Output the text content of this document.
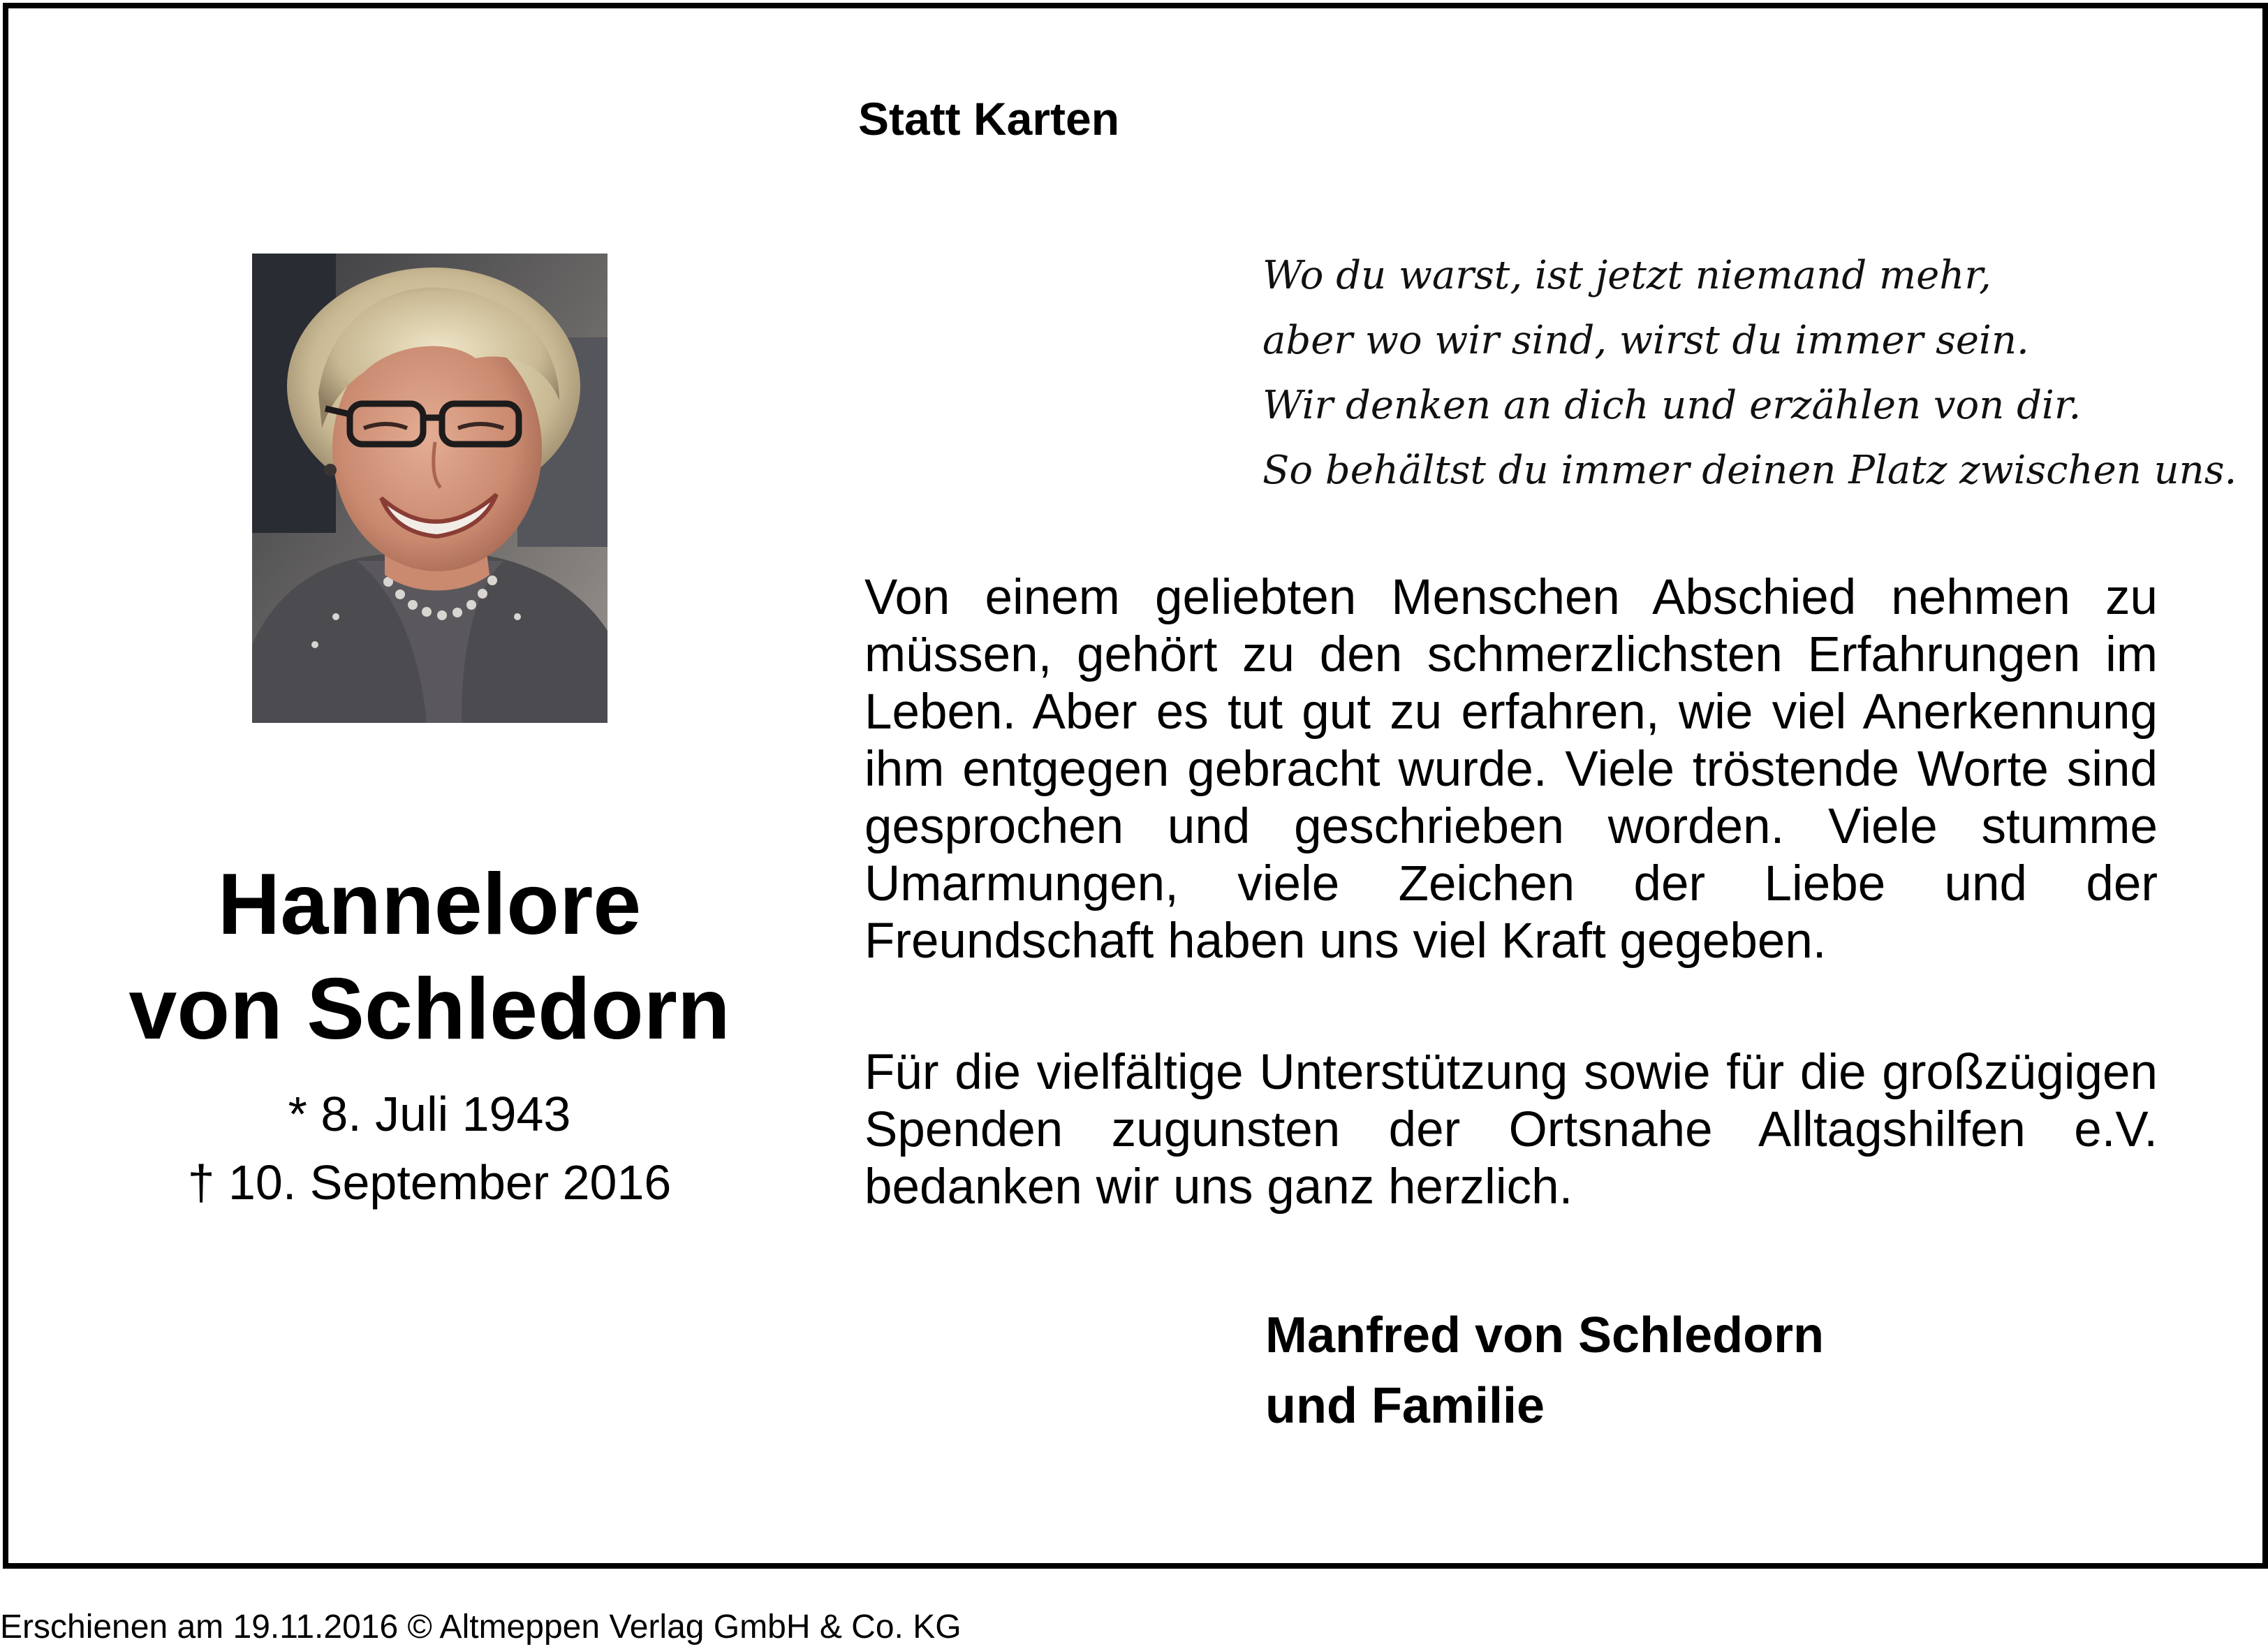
Statt Karten
Hannelore
von Schledorn
* 8. Juli 1943
† 10. September 2016
Wo du warst, ist jetzt niemand mehr,
aber wo wir sind, wirst du immer sein.
Wir denken an dich und erzählen von dir.
So behältst du immer deinen Platz zwischen uns.
Von einem geliebten Menschen Abschied nehmen zu müssen, gehört zu den schmerzlichsten Erfahrungen im Leben. Aber es tut gut zu erfahren, wie viel Anerkennung ihm entgegen gebracht wurde. Viele tröstende Worte sind gesprochen und geschrieben worden. Viele stumme Umarmungen, viele Zeichen der Liebe und der Freundschaft haben uns viel Kraft gegeben.
Für die vielfältige Unterstützung sowie für die großzügigen Spenden zugunsten der Ortsnahe Alltagshilfen e.V. bedanken wir uns ganz herzlich.
Manfred von Schledorn
und Familie
Erschienen am 19.11.2016 © Altmeppen Verlag GmbH & Co. KG
